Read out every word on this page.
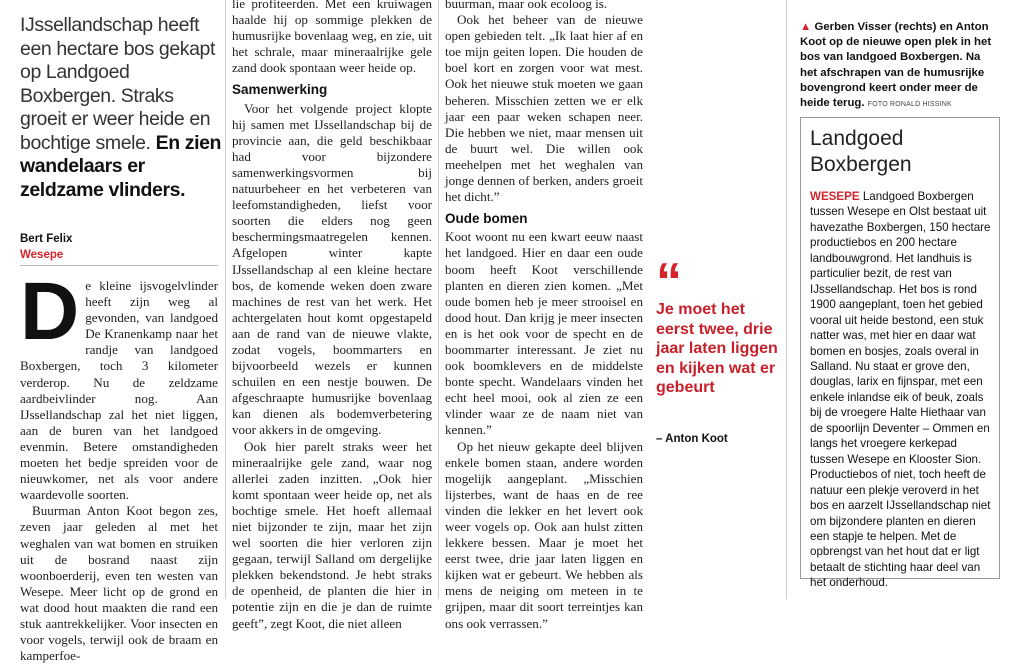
IJssellandschap heeft een hectare bos gekapt op Landgoed Boxbergen. Straks groeit er weer heide en bochtige smele. En zien wandelaars er zeldzame vlinders.
Bert Felix
Wesepe

De kleine ijsvogelvlinder heeft zijn weg al gevonden, van landgoed De Kranenkamp naar het randje van landgoed Boxbergen, toch 3 kilometer verderop. Nu de zeldzame aardbeivlinder nog. Aan IJssellandschap zal het niet liggen, aan de buren van het landgoed evenmin. Betere omstandigheden moeten het bedje spreiden voor de nieuwkomer, net als voor andere waardevolle soorten.

Buurman Anton Koot begon zes, zeven jaar geleden al met het weghalen van wat bomen en struiken uit de bosrand naast zijn woonboerderij, even ten westen van Wesepe. Meer licht op de grond en wat dood hout maakten die rand een stuk aantrekkelijker. Voor insecten en voor vogels, terwijl ook de braam en kamperfoe-

lie profiteerden. Met een kruiwagen haalde hij op sommige plekken de humusrijke bovenlaag weg, en zie, uit het schrale, maar mineraalrijke gele zand dook spontaan weer heide op.

Samenwerking

Voor het volgende project klopte hij samen met IJssellandschap bij de provincie aan, die geld beschikbaar had voor bijzondere samenwerkingsvormen bij natuurbeheer en het verbeteren van leefomstandigheden, liefst voor soorten die elders nog geen beschermingsmaatregelen kennen. Afgelopen winter kapte IJssellandschap al een kleine hectare bos, de komende weken doen zware machines de rest van het werk. Het achtergelaten hout komt opgestapeld aan de rand van de nieuwe vlakte, zodat vogels, boommarters en bijvoorbeeld wezels er kunnen schuilen en een nestje bouwen. De afgeschraapte humusrijke bovenlaag kan dienen als bodemverbetering voor akkers in de omgeving.

Ook hier parelt straks weer het mineraalrijke gele zand, waar nog allerlei zaden inzitten. „Ook hier komt spontaan weer heide op, net als bochtige smele. Het hoeft allemaal niet bijzonder te zijn, maar het zijn wel soorten die hier verloren zijn gegaan, terwijl Salland om dergelijke plekken bekendstond. Je hebt straks de openheid, de planten die hier in potentie zijn en die je dan de ruimte geeft”, zegt Koot, die niet alleen

buurman, maar ook ecoloog is.

Ook het beheer van de nieuwe open gebieden telt. „Ik laat hier af en toe mijn geiten lopen. Die houden de boel kort en zorgen voor wat mest. Ook het nieuwe stuk moeten we gaan beheren. Misschien zetten we er elk jaar een paar weken schapen neer. Die hebben we niet, maar mensen uit de buurt wel. Die willen ook meehelpen met het weghalen van jonge dennen of berken, anders groeit het dicht.”

Oude bomen

Koot woont nu een kwart eeuw naast het landgoed. Hier en daar een oude boom heeft Koot verschillende planten en dieren zien komen. „Met oude bomen heb je meer strooisel en dood hout. Dan krijg je meer insecten en is het ook voor de specht en de boommarter interessant. Je ziet nu ook boomklevers en de middelste bonte specht. Wandelaars vinden het echt heel mooi, ook al zien ze een vlinder waar ze de naam niet van kennen.”

Op het nieuw gekapte deel blijven enkele bomen staan, andere worden mogelijk aangeplant. „Misschien lijsterbes, want de haas en de ree vinden die lekker en het levert ook weer vogels op. Ook aan hulst zitten lekkere bessen. Maar je moet het eerst twee, drie jaar laten liggen en kijken wat er gebeurt. We hebben als mens de neiging om meteen in te grijpen, maar dit soort terreintjes kan ons ook verrassen.”

“
Je moet het eerst twee, drie jaar laten liggen en kijken wat er gebeurt
– Anton Koot
▲ Gerben Visser (rechts) en Anton Koot op de nieuwe open plek in het bos van landgoed Boxbergen. Na het afschrapen van de humusrijke bovengrond keert onder meer de heide terug. FOTO RONALD HISSINK
Landgoed Boxbergen
WESEPE Landgoed Boxbergen tussen Wesepe en Olst bestaat uit havezathe Boxbergen, 150 hectare productiebos en 200 hectare landbouwgrond. Het landhuis is particulier bezit, de rest van IJssellandschap. Het bos is rond 1900 aangeplant, toen het gebied vooral uit heide bestond, een stuk natter was, met hier en daar wat bomen en bosjes, zoals overal in Salland. Nu staat er grove den, douglas, larix en fijnspar, met een enkele inlandse eik of beuk, zoals bij de vroegere Halte Hiethaar van de spoorlijn Deventer – Ommen en langs het vroegere kerkepad tussen Wesepe en Klooster Sion. Productiebos of niet, toch heeft de natuur een plekje veroverd in het bos en aarzelt IJssellandschap niet om bijzondere planten en dieren een stapje te helpen. Met de opbrengst van het hout dat er ligt betaalt de stichting haar deel van het onderhoud.
